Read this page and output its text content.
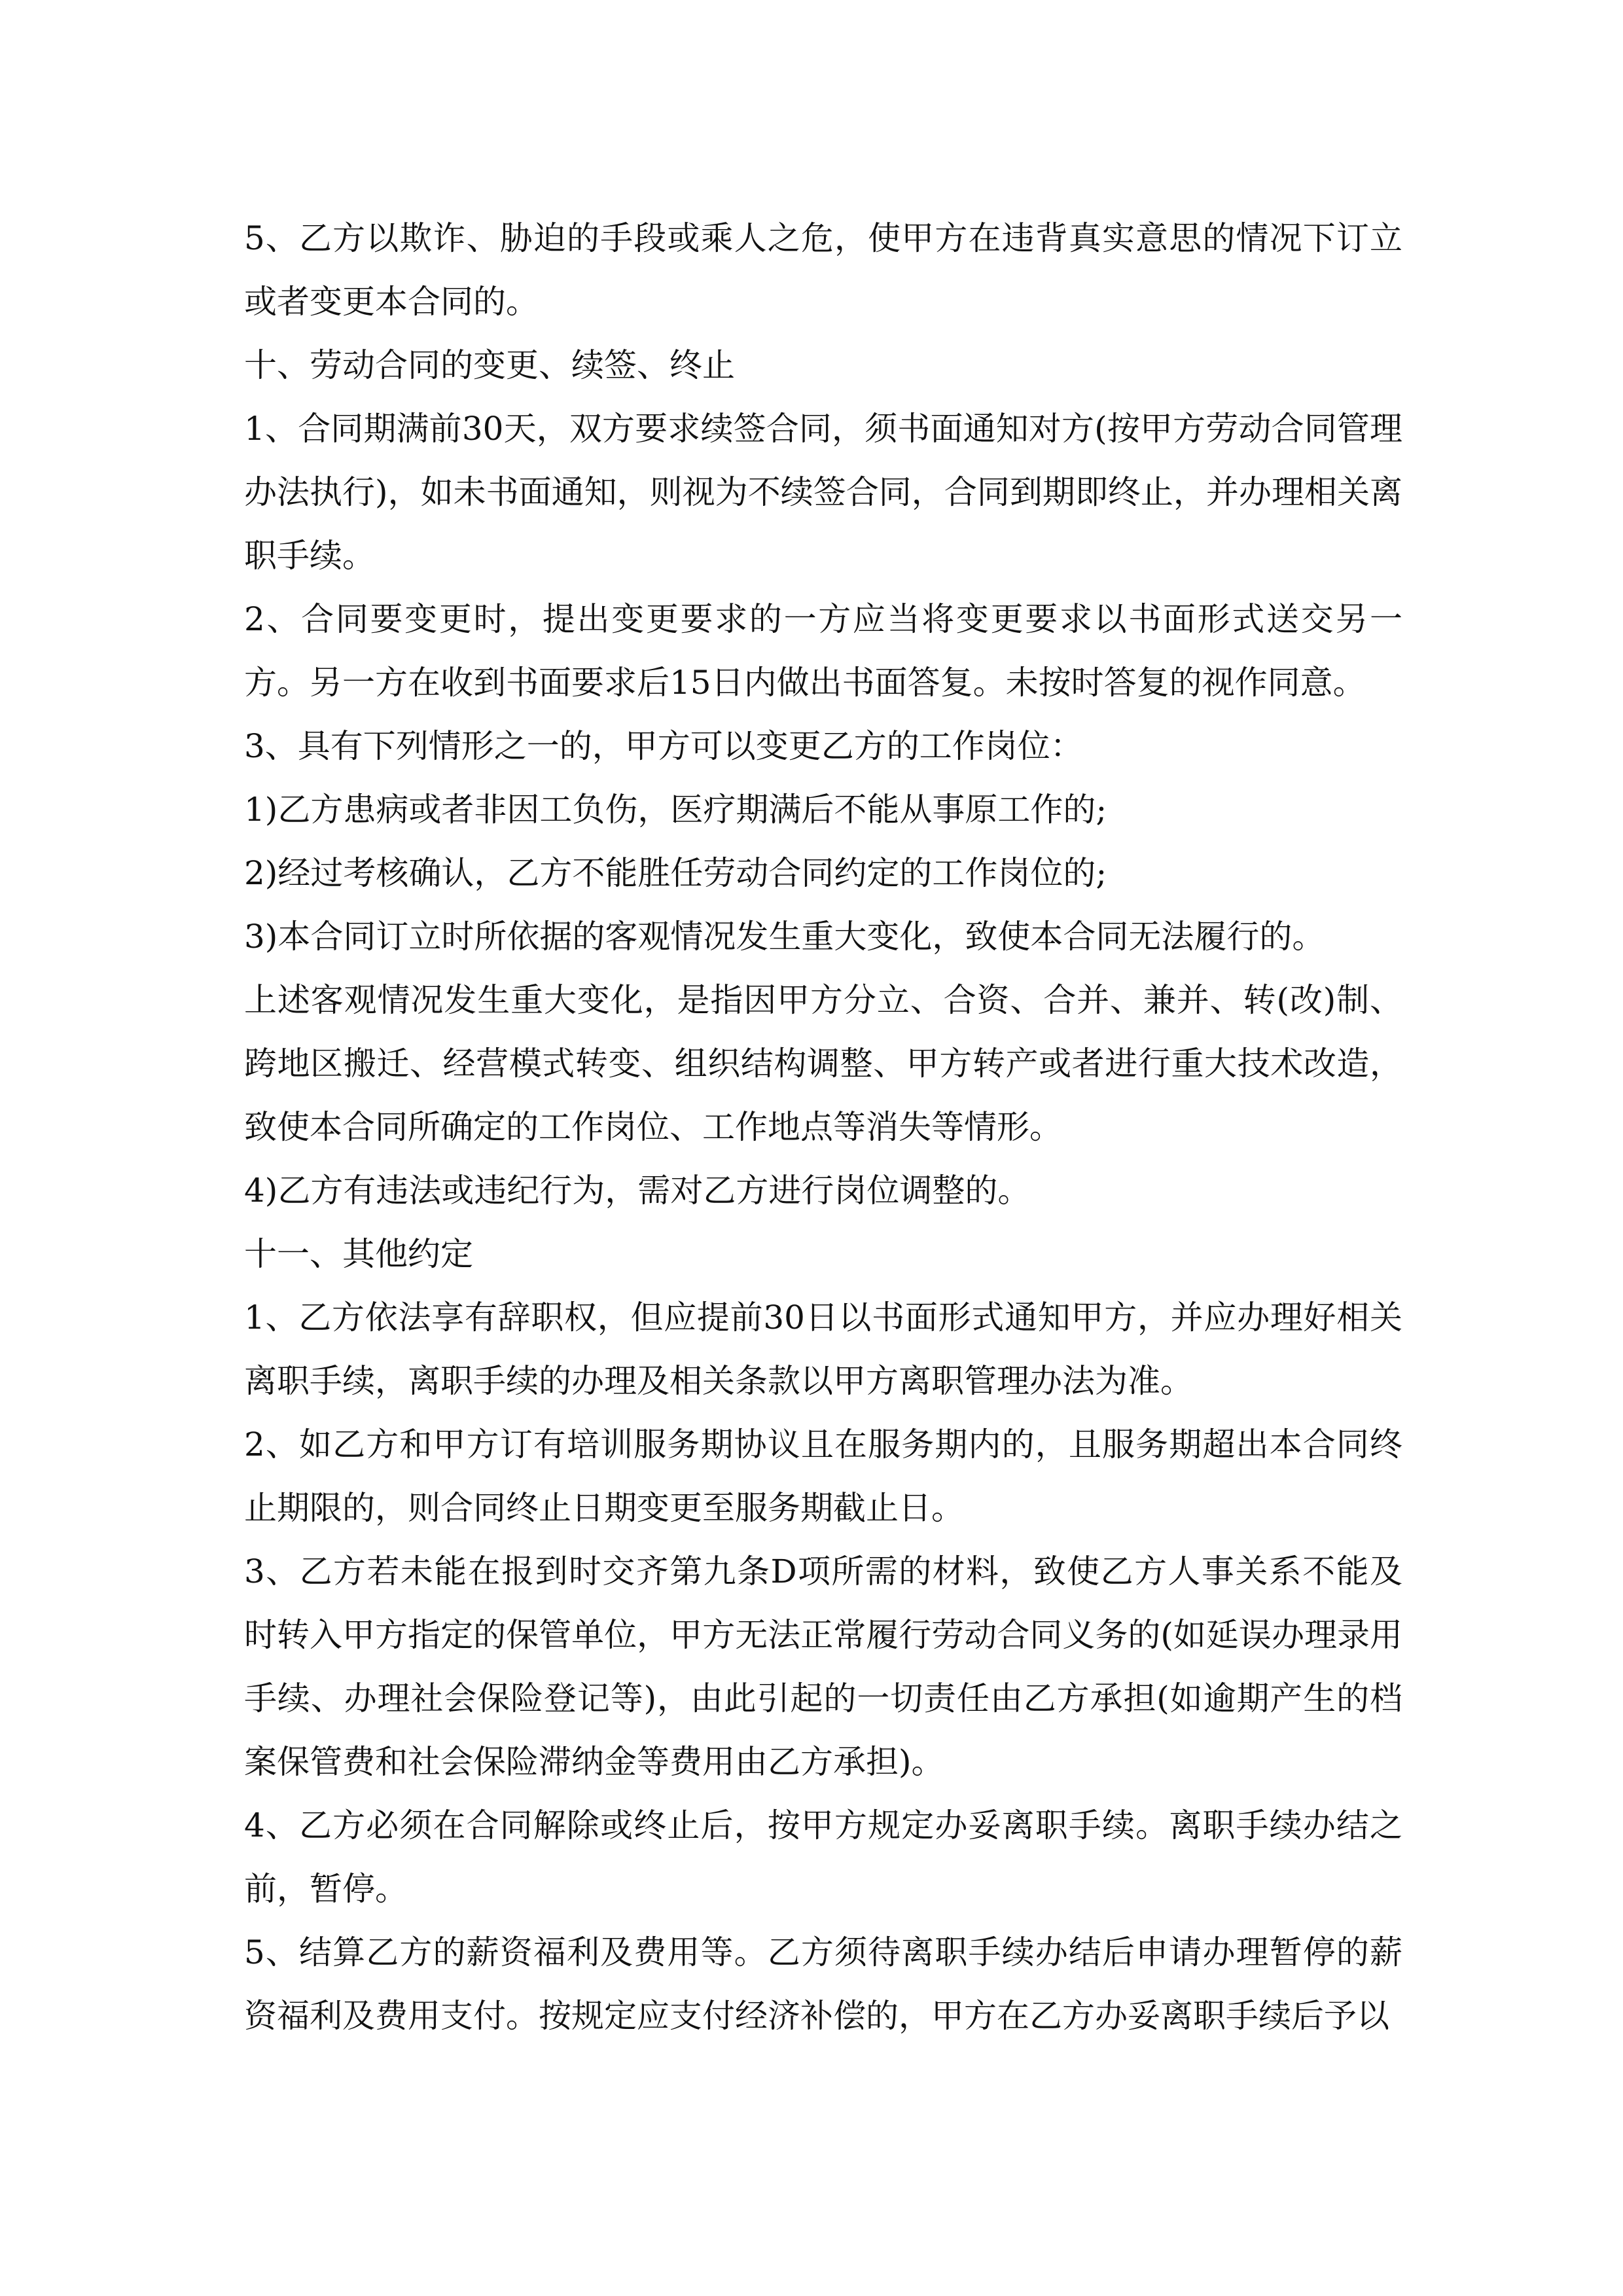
5、乙方以欺诈、胁迫的手段或乘人之危，使甲方在违背真实意思的情况下订立或者变更本合同的。

十、劳动合同的变更、续签、终止

1、合同期满前30天，双方要求续签合同，须书面通知对方(按甲方劳动合同管理办法执行)，如未书面通知，则视为不续签合同，合同到期即终止，并办理相关离职手续。

2、合同要变更时，提出变更要求的一方应当将变更要求以书面形式送交另一方。另一方在收到书面要求后15日内做出书面答复。未按时答复的视作同意。

3、具有下列情形之一的，甲方可以变更乙方的工作岗位：

1)乙方患病或者非因工负伤，医疗期满后不能从事原工作的;

2)经过考核确认，乙方不能胜任劳动合同约定的工作岗位的;

3)本合同订立时所依据的客观情况发生重大变化，致使本合同无法履行的。

上述客观情况发生重大变化，是指因甲方分立、合资、合并、兼并、转(改)制、跨地区搬迁、经营模式转变、组织结构调整、甲方转产或者进行重大技术改造，致使本合同所确定的工作岗位、工作地点等消失等情形。

4)乙方有违法或违纪行为，需对乙方进行岗位调整的。

十一、其他约定

1、乙方依法享有辞职权，但应提前30日以书面形式通知甲方，并应办理好相关离职手续，离职手续的办理及相关条款以甲方离职管理办法为准。

2、如乙方和甲方订有培训服务期协议且在服务期内的，且服务期超出本合同终止期限的，则合同终止日期变更至服务期截止日。

3、乙方若未能在报到时交齐第九条D项所需的材料，致使乙方人事关系不能及时转入甲方指定的保管单位，甲方无法正常履行劳动合同义务的(如延误办理录用手续、办理社会保险登记等)，由此引起的一切责任由乙方承担(如逾期产生的档案保管费和社会保险滞纳金等费用由乙方承担)。

4、乙方必须在合同解除或终止后，按甲方规定办妥离职手续。离职手续办结之前，暂停。

5、结算乙方的薪资福利及费用等。乙方须待离职手续办结后申请办理暂停的薪资福利及费用支付。按规定应支付经济补偿的，甲方在乙方办妥离职手续后予以
